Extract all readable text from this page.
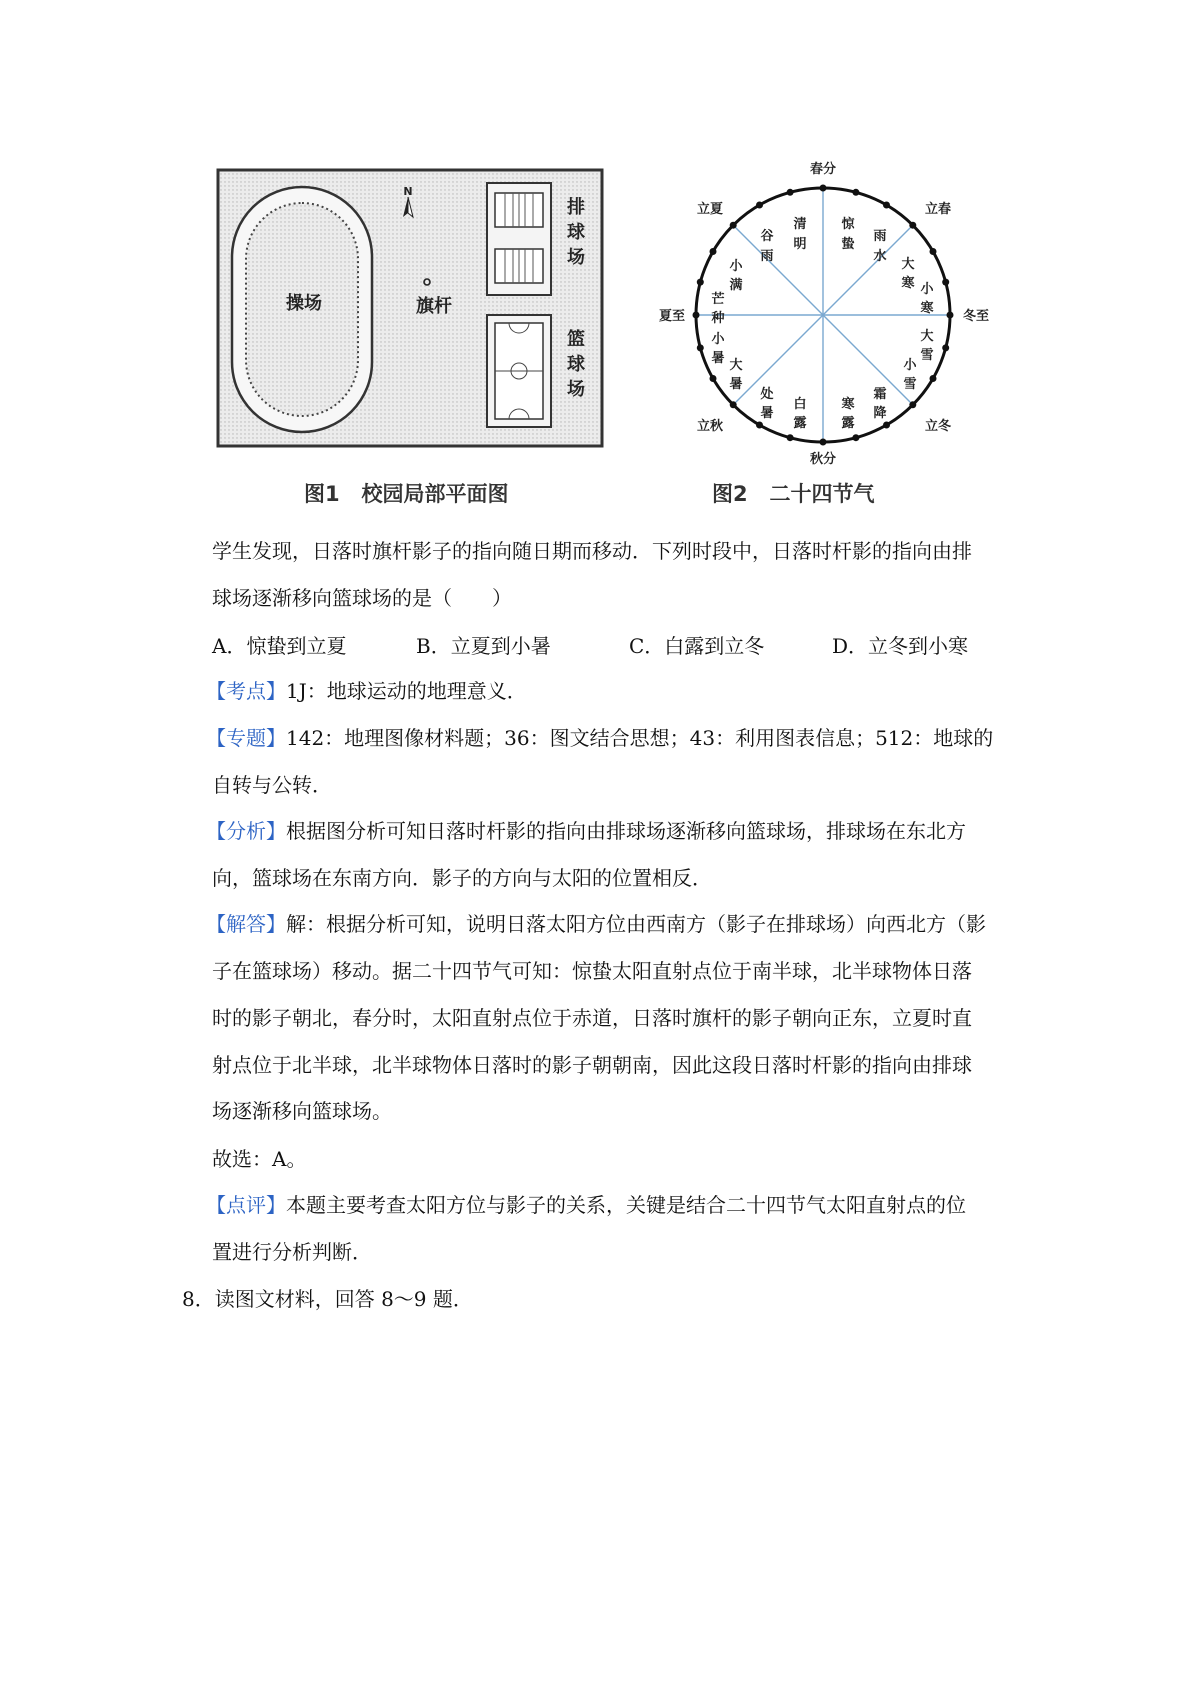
操场
N
旗杆
排
球
场
篮
球
场
图1   校园局部平面图
春分
秋分
夏至	冬至
立夏	立春
立秋	立冬
清
明
惊
蛰
谷
雨
雨
水
小
满
大
寒
芒
种
小
寒
小
暑
大
雪
大
暑
小
雪
处
暑
霜
降
白
露
寒
露
图2   二十四节气
学生发现，日落时旗杆影子的指向随日期而移动．下列时段中，日落时杆影的指向由排
球场逐渐移向篮球场的是（　　）
A．惊蛰到立夏	B．立夏到小暑	C．白露到立冬	D．立冬到小寒
【考点】1J：地球运动的地理意义．
【专题】142：地理图像材料题；36：图文结合思想；43：利用图表信息；512：地球的
自转与公转．
【分析】根据图分析可知日落时杆影的指向由排球场逐渐移向篮球场，排球场在东北方
向，篮球场在东南方向．影子的方向与太阳的位置相反．
【解答】解：根据分析可知，说明日落太阳方位由西南方（影子在排球场）向西北方（影
子在篮球场）移动。据二十四节气可知：惊蛰太阳直射点位于南半球，北半球物体日落
时的影子朝北，春分时，太阳直射点位于赤道，日落时旗杆的影子朝向正东，立夏时直
射点位于北半球，北半球物体日落时的影子朝朝南，因此这段日落时杆影的指向由排球
场逐渐移向篮球场。
故选：A。
【点评】本题主要考查太阳方位与影子的关系，关键是结合二十四节气太阳直射点的位
置进行分析判断．
8．读图文材料，回答 8～9 题．
